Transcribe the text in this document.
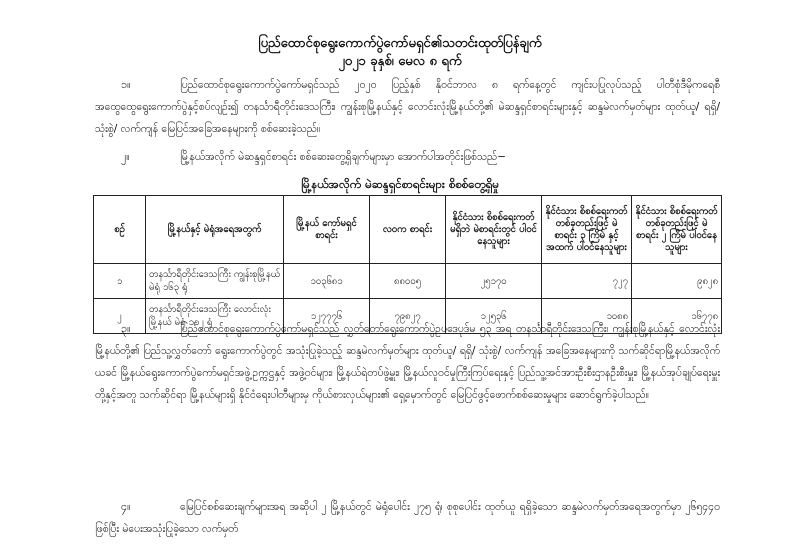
ပြည်ထောင်စုရွေးကောက်ပွဲကော်မရှင်၏သတင်းထုတ်ပြန်ချက်
၂၀၂၁ ခုနှစ်၊ မေလ ၈ ရက်
၁။	ပြည်ထောင်စုရွေးကောက်ပွဲကော်မရှင်သည် ၂၀၂၀ ပြည့်နှစ် နိုဝင်ဘာလ ၈ ရက်နေ့တွင် ကျင်းပပြုလုပ်သည့် ပါတီစုံဒီမိုကရေစီအထွေထွေရွေးကောက်ပွဲနှင့်စပ်လျဉ်း၍ တနင်္သာရီတိုင်းဒေသကြီး၊ ကျွန်းစုမြို့နယ်နှင့် လောင်းလုံးမြို့နယ်တို့၏ မဲဆန္ဒရှင်စာရင်းများနှင့် ဆန္ဒမဲလက်မှတ်များ ထုတ်ယူ/ ရရှိ/ သုံးစွဲ/ လက်ကျန် မြေပြင်အခြေအနေများကို စစ်ဆေးခဲ့သည်။
၂။	မြို့နယ်အလိုက် မဲဆန္ဒရှင်စာရင်း စစ်ဆေးတွေ့ရှိချက်များမှာ အောက်ပါအတိုင်းဖြစ်သည်−
မြို့နယ်အလိုက် မဲဆန္ဒရှင်စာရင်းများ စိစစ်တွေ့ရှိမှု
စဉ်	မြို့နယ်နှင့် မဲရုံအရေအတွက်	မြို့နယ် ကော်မရှင် စာရင်း	လဝက စာရင်း	နိုင်ငံသား စိစစ်ရေးကတ် မရှိဘဲ မဲစာရင်းတွင် ပါဝင်နေသူများ	နိုင်ငံသား စိစစ်ရေးကတ် တစ်ခုတည်းဖြင့် မဲစာရင်း ၃ ကြိမ် နှင့် အထက် ပါဝင်နေသူများ	နိုင်ငံသား စိစစ်ရေးကတ် တစ်ခုတည်းဖြင့် မဲစာရင်း ၂ ကြိမ် ပါဝင်နေသူများ
၁	တနင်္သာရီတိုင်းဒေသကြီး ကျွန်းစုမြို့နယ် မဲရုံ ၁၆၃ ရုံ	၁၀၃၆၈၁	၈၈၀၀၅	၂၅၁၇၀	၇၂၇	၉၈၂၈
၂	တနင်္သာရီတိုင်းဒေသကြီး လောင်းလုံးမြို့နယ် မဲရုံ ၁၁၂ ရုံ	၁၂၇၇၇၆	၇၉၈၂၇	၁၂၅၃၆	၁၀၈၈	၁၆၇၇၈
၃။	ပြည်ထောင်စုရွေးကောက်ပွဲကော်မရှင်သည် လွှတ်တော်ရွေးကောက်ပွဲဥပဒေပုဒ်မ ၅၃ အရ တနင်္သာရီတိုင်းဒေသကြီး၊ ကျွန်းစုမြို့နယ်နှင့် လောင်းလုံးမြို့နယ်တို့၏ ပြည်သူ့လွှတ်တော် ရွေးကောက်ပွဲတွင် အသုံးပြုခဲ့သည့် ဆန္ဒမဲလက်မှတ်များ ထုတ်ယူ/ ရရှိ/ သုံးစွဲ/ လက်ကျန် အခြေအနေများကို သက်ဆိုင်ရာမြို့နယ်အလိုက် ယခင် မြို့နယ်ရွေးကောက်ပွဲကော်မရှင်အဖွဲ့ဥက္ကဋ္ဌနှင့် အဖွဲ့ဝင်များ၊ မြို့နယ်ရဲတပ်ဖွဲ့မှူး၊ မြို့နယ်လူဝင်မှုကြီးကြပ်ရေးနှင့် ပြည်သူ့အင်အားဦးစီးဌာနဦးစီးမှူး၊ မြို့နယ်အုပ်ချုပ်ရေးမှူးတို့နှင့်အတူ သက်ဆိုင်ရာ မြို့နယ်များရှိ နိုင်ငံရေးပါတီများမှ ကိုယ်စားလှယ်များ၏ ရှေ့မှောက်တွင် မြေပြင်ဖွင့်ဖောက်စစ်ဆေးမှုများ ဆောင်ရွက်ခဲ့ပါသည်။
၄။	မြေပြင်စစ်ဆေးချက်များအရ အဆိုပါ ၂ မြို့နယ်တွင် မဲရုံပေါင်း ၂၇၅ ရုံ၊ စုစုပေါင်း ထုတ်ယူ ရရှိခဲ့သော ဆန္ဒမဲလက်မှတ်အရေအတွက်မှာ ၂၆၅၄၄၀ ဖြစ်ပြီး မဲပေးအသုံးပြုခဲ့သော လက်မှတ်
